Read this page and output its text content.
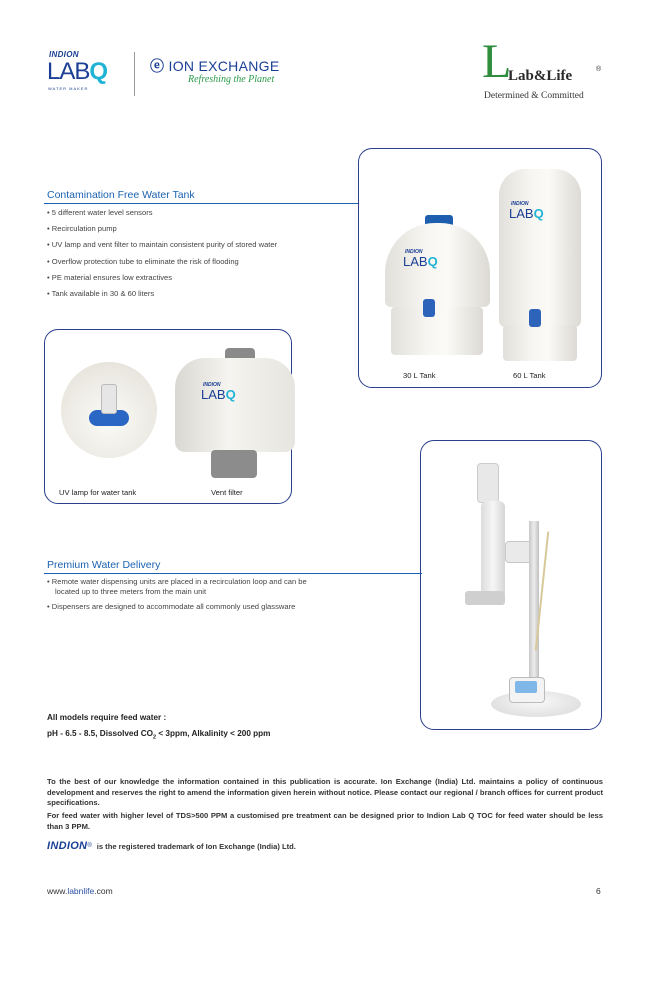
INDION
LABQ
WATER MAKER
ⓔ ION EXCHANGE
Refreshing the Planet	L
Lab&Life	®
Determined & Committed
Contamination Free Water Tank
• 5 different water level sensors
• Recirculation pump
• UV lamp and vent filter to maintain consistent purity of stored water
• Overflow protection tube to eliminate the risk of flooding
• PE material ensures low extractives
• Tank available in 30 & 60 liters
INDION
LABQ
INDION
LABQ
30 L Tank	60 L Tank
INDION
LABQ
UV lamp for water tank	Vent filter
Premium Water Delivery
• Remote water dispensing units are placed in a recirculation loop and can be located up to three meters from the main unit
• Dispensers are designed to accommodate all commonly used glassware
All models require feed water :
pH - 6.5 - 8.5, Dissolved $CO_2 < 3ppm$, Alkalinity < 200 ppm
To the best of our knowledge the information contained in this publication is accurate. Ion Exchange (India) Ltd. maintains a policy of continuous development and reserves the right to amend the information given herein without notice. Please contact our regional / branch offices for current product specifications.
For feed water with higher level of TDS>500 PPM a customised pre treatment can be designed prior to Indion Lab Q TOC for feed water should be less than 3 PPM.
INDION ® is the registered trademark of Ion Exchange (India) Ltd.
www.labnlife.com	6
